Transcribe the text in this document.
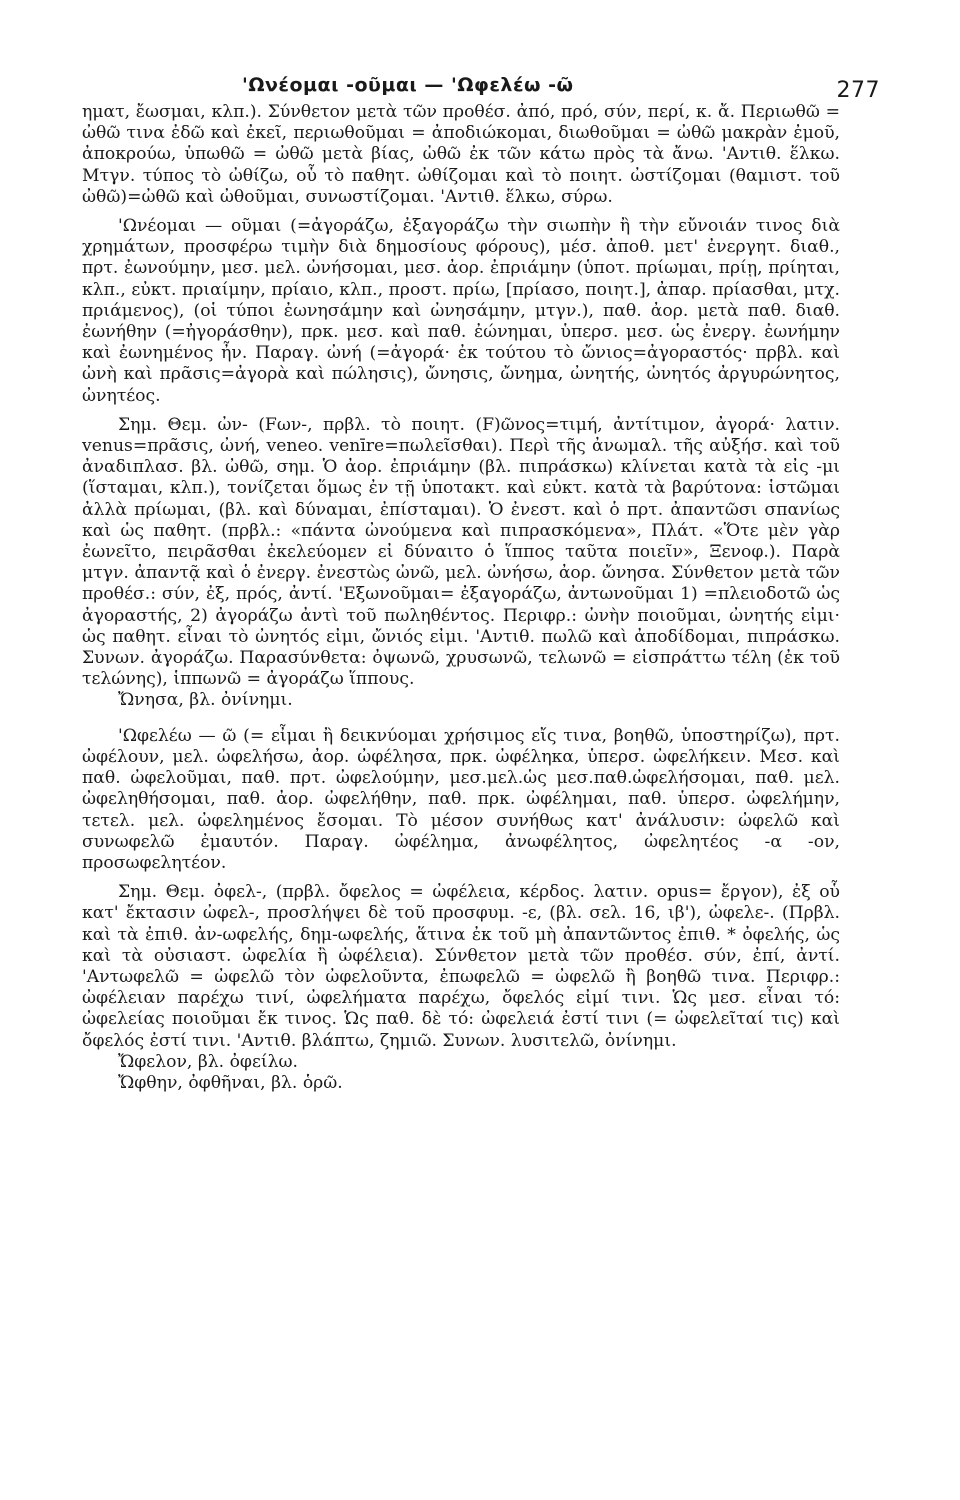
'Ωνέομαι -οῦμαι — 'Ωφελέω -ῶ	277

ηματ, ἔωσμαι, κλπ.). Σύνθετον μετὰ τῶν προθέσ. ἀπό, πρό, σύν, περί, κ. ἄ. Περιωθῶ = ὠθῶ τινα ἐδῶ καὶ ἐκεῖ, περιωθοῦμαι = ἀποδιώκομαι, διωθοῦμαι = ὠθῶ μακρὰν ἐμοῦ, ἀποκρούω, ὑπωθῶ = ὠθῶ μετὰ βίας, ὠθῶ ἐκ τῶν κάτω πρὸς τὰ ἄνω. 'Αντιθ. ἕλκω. Μτγν. τύπος τὸ ὠθίζω, οὗ τὸ παθητ. ὠθίζομαι καὶ τὸ ποιητ. ὠστίζομαι (θαμιστ. τοῦ ὠθῶ)=ὠθῶ καὶ ὠθοῦμαι, συνωστίζομαι. 'Αντιθ. ἕλκω, σύρω.

'Ωνέομαι — οῦμαι (=ἀγοράζω, ἐξαγοράζω τὴν σιωπὴν ἢ τὴν εὔνοιάν τινος διὰ χρημάτων, προσφέρω τιμὴν διὰ δημοσίους φόρους), μέσ. ἀποθ. μετ' ἐνεργητ. διαθ., πρτ. ἐωνούμην, μεσ. μελ. ὠνήσομαι, μεσ. ἀορ. ἐπριάμην (ὑποτ. πρίωμαι, πρίῃ, πρίηται, κλπ., εὐκτ. πριαίμην, πρίαιο, κλπ., προστ. πρίω, [πρίασο, ποιητ.], ἀπαρ. πρίασθαι, μτχ. πριάμενος), (οἱ τύποι ἐωνησάμην καὶ ὠνησάμην, μτγν.), παθ. ἀορ. μετὰ παθ. διαθ. ἐωνήθην (=ἠγοράσθην), πρκ. μεσ. καὶ παθ. ἐώνημαι, ὑπερσ. μεσ. ὡς ἐνεργ. ἐωνήμην καὶ ἐωνημένος ἦν. Παραγ. ὠνή (=ἀγορά· ἐκ τούτου τὸ ὤνιος=ἀγοραστός· πρβλ. καὶ ὠνὴ καὶ πρᾶσις=ἀγορὰ καὶ πώλησις), ὤνησις, ὤνημα, ὠνητής, ὠνητός ἀργυρώνητος, ὠνητέος.

Σημ. Θεμ. ὠν- (Fων-, πρβλ. τὸ ποιητ. (F)ῶνος=τιμή, ἀντίτιμον, ἀγορά· λατιν. venus=πρᾶσις, ὠνή, veneo. venīre=πωλεῖσθαι). Περὶ τῆς ἀνωμαλ. τῆς αὐξήσ. καὶ τοῦ ἀναδιπλασ. βλ. ὠθῶ, σημ. Ὁ ἀορ. ἐπριάμην (βλ. πιπράσκω) κλίνεται κατὰ τὰ εἰς -μι (ἵσταμαι, κλπ.), τονίζεται ὅμως ἐν τῇ ὑποτακτ. καὶ εὐκτ. κατὰ τὰ βαρύτονα: ἱστῶμαι ἀλλὰ πρίωμαι, (βλ. καὶ δύναμαι, ἐπίσταμαι). Ὁ ἐνεστ. καὶ ὁ πρτ. ἀπαντῶσι σπανίως καὶ ὡς παθητ. (πρβλ.: «πάντα ὠνούμενα καὶ πιπρασκόμενα», Πλάτ. «Ὅτε μὲν γὰρ ἐωνεῖτο, πειρᾶσθαι ἐκελεύομεν εἰ δύναιτο ὁ ἵππος ταῦτα ποιεῖν», Ξενοφ.). Παρὰ μτγν. ἀπαντᾷ καὶ ὁ ἐνεργ. ἐνεστὼς ὠνῶ, μελ. ὠνήσω, ἀορ. ὤνησα. Σύνθετον μετὰ τῶν προθέσ.: σύν, ἐξ, πρός, ἀντί. 'Εξωνοῦμαι= ἐξαγοράζω, ἀντωνοῦμαι 1) =πλειοδοτῶ ὡς ἀγοραστής, 2) ἀγοράζω ἀντὶ τοῦ πωληθέντος. Περιφρ.: ὠνὴν ποιοῦμαι, ὠνητής εἰμι· ὡς παθητ. εἶναι τὸ ὠνητός εἰμι, ὤνιός εἰμι. 'Αντιθ. πωλῶ καὶ ἀποδίδομαι, πιπράσκω. Συνων. ἀγοράζω. Παρασύνθετα: ὀψωνῶ, χρυσωνῶ, τελωνῶ = εἰσπράττω τέλη (ἐκ τοῦ τελώνης), ἱππωνῶ = ἀγοράζω ἵππους.

Ὤνησα, βλ. ὀνίνημι.

'Ωφελέω — ῶ (= εἶμαι ἢ δεικνύομαι χρήσιμος εἴς τινα, βοηθῶ, ὑποστηρίζω), πρτ. ὠφέλουν, μελ. ὠφελήσω, ἀορ. ὠφέλησα, πρκ. ὠφέληκα, ὑπερσ. ὠφελήκειν. Μεσ. καὶ παθ. ὠφελοῦμαι, παθ. πρτ. ὠφελούμην, μεσ.μελ.ὡς μεσ.παθ.ὠφελήσομαι, παθ. μελ. ὠφεληθήσομαι, παθ. ἀορ. ὠφελήθην, παθ. πρκ. ὠφέλημαι, παθ. ὑπερσ. ὠφελήμην, τετελ. μελ. ὠφελημένος ἔσομαι. Τὸ μέσον συνήθως κατ' ἀνάλυσιν: ὠφελῶ καὶ συνωφελῶ ἐμαυτόν. Παραγ. ὠφέλημα, ἀνωφέλητος, ὠφελητέος -α -ον, προσωφελητέον.

Σημ. Θεμ. ὀφελ-, (πρβλ. ὄφελος = ὠφέλεια, κέρδος. λατιν. opus= ἔργον), ἐξ οὗ κατ' ἔκτασιν ὠφελ-, προσλήψει δὲ τοῦ προσφυμ. -ε, (βλ. σελ. 16, ιβ'), ὠφελε-. (Πρβλ. καὶ τὰ ἐπιθ. ἀν-ωφελής, δημ-ωφελής, ἅτινα ἐκ τοῦ μὴ ἀπαντῶντος ἐπιθ. * ὀφελής, ὡς καὶ τὰ οὐσιαστ. ὠφελία ἢ ὠφέλεια). Σύνθετον μετὰ τῶν προθέσ. σύν, ἐπί, ἀντί. 'Αντωφελῶ = ὠφελῶ τὸν ὠφελοῦντα, ἐπωφελῶ = ὠφελῶ ἢ βοηθῶ τινα. Περιφρ.: ὠφέλειαν παρέχω τινί, ὠφελήματα παρέχω, ὄφελός εἰμί τινι. Ὡς μεσ. εἶναι τό: ὠφελείας ποιοῦμαι ἔκ τινος. Ὡς παθ. δὲ τό: ὠφελειά ἐστί τινι (= ὠφελεῖταί τις) καὶ ὄφελός ἐστί τινι. 'Αντιθ. βλάπτω, ζημιῶ. Συνων. λυσιτελῶ, ὀνίνημι.

Ὤφελον, βλ. ὀφείλω.

Ὤφθην, ὀφθῆναι, βλ. ὁρῶ.
